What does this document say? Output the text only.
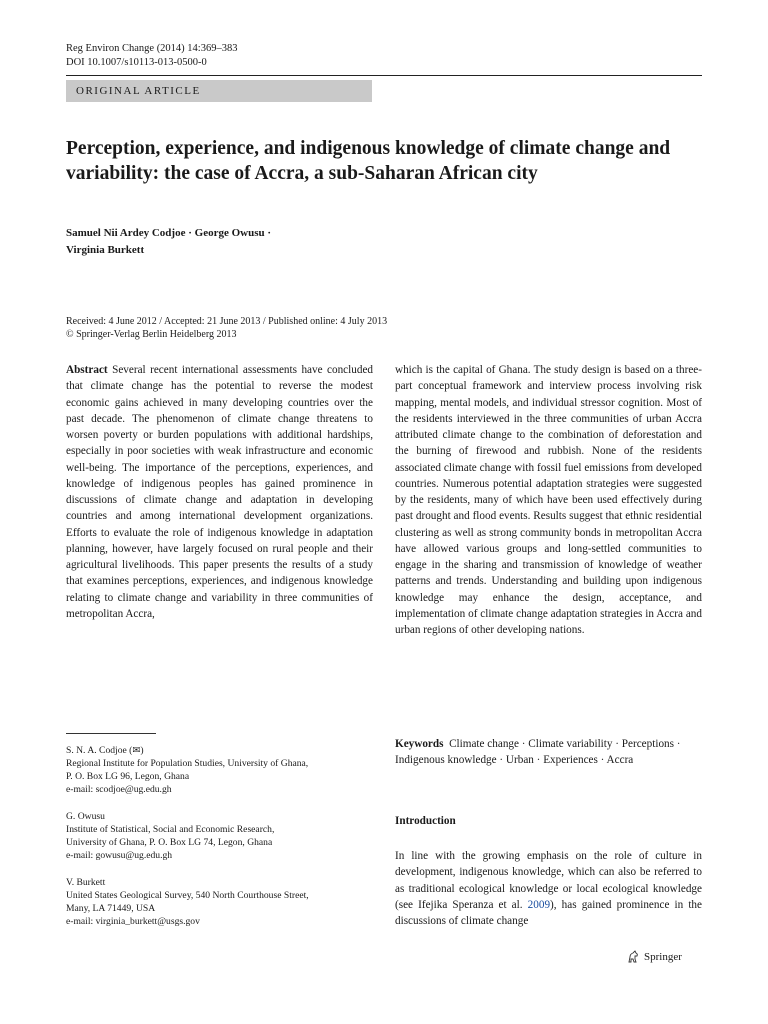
Reg Environ Change (2014) 14:369–383
DOI 10.1007/s10113-013-0500-0
ORIGINAL ARTICLE
Perception, experience, and indigenous knowledge of climate change and variability: the case of Accra, a sub-Saharan African city
Samuel Nii Ardey Codjoe · George Owusu ·
Virginia Burkett
Received: 4 June 2012 / Accepted: 21 June 2013 / Published online: 4 July 2013
© Springer-Verlag Berlin Heidelberg 2013
Abstract Several recent international assessments have concluded that climate change has the potential to reverse the modest economic gains achieved in many developing countries over the past decade. The phenomenon of climate change threatens to worsen poverty or burden populations with additional hardships, especially in poor societies with weak infrastructure and economic well-being. The importance of the perceptions, experiences, and knowledge of indigenous peoples has gained prominence in discussions of climate change and adaptation in developing countries and among international development organizations. Efforts to evaluate the role of indigenous knowledge in adaptation planning, however, have largely focused on rural people and their agricultural livelihoods. This paper presents the results of a study that examines perceptions, experiences, and indigenous knowledge relating to climate change and variability in three communities of metropolitan Accra,
which is the capital of Ghana. The study design is based on a three-part conceptual framework and interview process involving risk mapping, mental models, and individual stressor cognition. Most of the residents interviewed in the three communities of urban Accra attributed climate change to the combination of deforestation and the burning of firewood and rubbish. None of the residents associated climate change with fossil fuel emissions from developed countries. Numerous potential adaptation strategies were suggested by the residents, many of which have been used effectively during past drought and flood events. Results suggest that ethnic residential clustering as well as strong community bonds in metropolitan Accra have allowed various groups and long-settled communities to engage in the sharing and transmission of knowledge of weather patterns and trends. Understanding and building upon indigenous knowledge may enhance the design, acceptance, and implementation of climate change adaptation strategies in Accra and urban regions of other developing nations.
S. N. A. Codjoe (✉)
Regional Institute for Population Studies, University of Ghana,
P. O. Box LG 96, Legon, Ghana
e-mail: scodjoe@ug.edu.gh
G. Owusu
Institute of Statistical, Social and Economic Research,
University of Ghana, P. O. Box LG 74, Legon, Ghana
e-mail: gowusu@ug.edu.gh
V. Burkett
United States Geological Survey, 540 North Courthouse Street,
Many, LA 71449, USA
e-mail: virginia_burkett@usgs.gov
Keywords Climate change · Climate variability · Perceptions · Indigenous knowledge · Urban · Experiences · Accra
Introduction
In line with the growing emphasis on the role of culture in development, indigenous knowledge, which can also be referred to as traditional ecological knowledge or local ecological knowledge (see Ifejika Speranza et al. 2009), has gained prominence in the discussions of climate change
Springer
